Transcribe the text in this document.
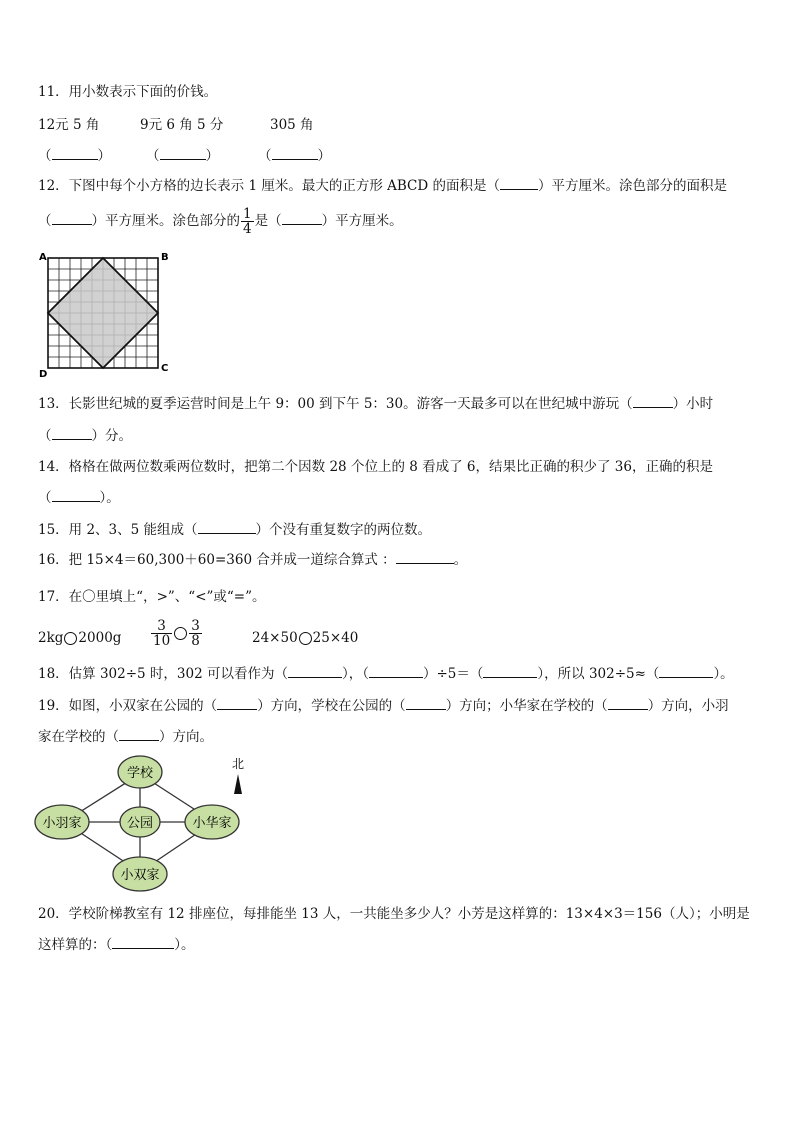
11．用小数表示下面的价钱。
12元 5 角	9元 6 角 5 分	305 角
（	）	（	）	（	）
12．下图中每个小方格的边长表示 1 厘米。最大的正方形 ABCD 的面积是（	）平方厘米。涂色部分的面积是
（	）平方厘米。涂色部分的 $\frac{1}{4}$ 是（	）平方厘米。
A	B
C
D
13．长影世纪城的夏季运营时间是上午 9：00 到下午 5：30。游客一天最多可以在世纪城中游玩（	）小时
（	）分。
14．格格在做两位数乘两位数时，把第二个因数 28 个位上的 8 看成了 6，结果比正确的积少了 36，正确的积是
（	）。
15．用 2、3、5 能组成（	）个没有重复数字的两位数。
16．把 15×4＝60,300＋60=360 合并成一道综合算式 ：	。
17．在〇里填上“，>”、“<”或“=”。
2kg $2000g \frac{3}{10} \frac{3}{8}$	24×50 25×40
18．估算 302÷5 时，302 可以看作为（	），（	）÷5＝（	），所以 302÷5≈（	）。
19．如图，小双家在公园的（	）方向，学校在公园的（	）方向；小华家在学校的（	）方向，小羽
家在学校的（	）方向。
学校
小羽家	公园	小华家
小双家
北
20．学校阶梯教室有 12 排座位，每排能坐 13 人，一共能坐多少人？小芳是这样算的：13×4×3＝156（人）；小明是
这样算的：（	）。
